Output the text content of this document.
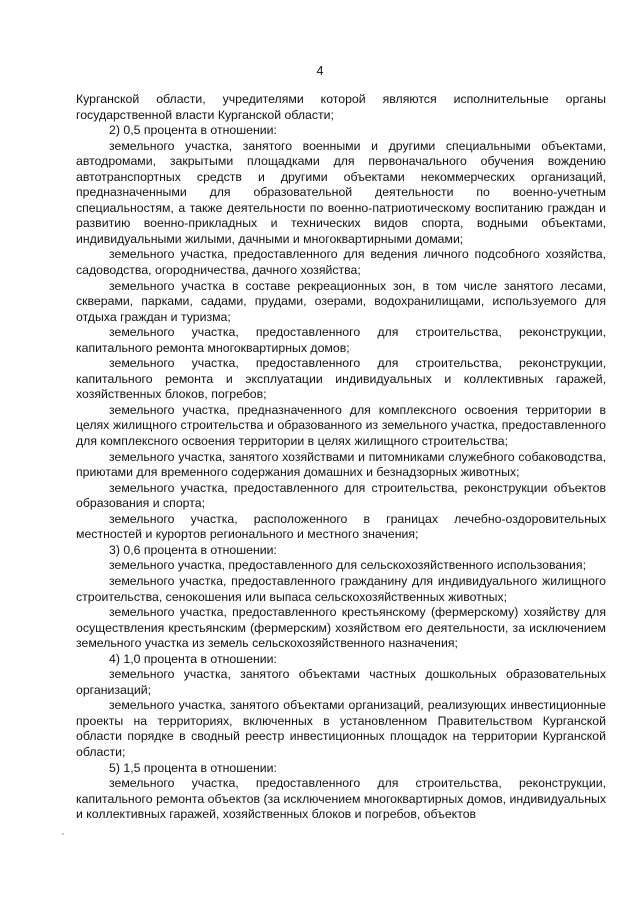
4

Курганской области, учредителями которой являются исполнительные органы государственной власти Курганской области;

2) 0,5 процента в отношении:

земельного участка, занятого военными и другими специальными объектами, автодромами, закрытыми площадками для первоначального обучения вождению автотранспортных средств и другими объектами некоммерческих организаций, предназначенными для образовательной деятельности по военно-учетным специальностям, а также деятельности по военно-патриотическому воспитанию граждан и развитию военно-прикладных и технических видов спорта, водными объектами, индивидуальными жилыми, дачными и многоквартирными домами;

земельного участка, предоставленного для ведения личного подсобного хозяйства, садоводства, огородничества, дачного хозяйства;

земельного участка в составе рекреационных зон, в том числе занятого лесами, скверами, парками, садами, прудами, озерами, водохранилищами, используемого для отдыха граждан и туризма;

земельного участка, предоставленного для строительства, реконструкции, капитального ремонта многоквартирных домов;

земельного участка, предоставленного для строительства, реконструкции, капитального ремонта и эксплуатации индивидуальных и коллективных гаражей, хозяйственных блоков, погребов;

земельного участка, предназначенного для комплексного освоения территории в целях жилищного строительства и образованного из земельного участка, предоставленного для комплексного освоения территории в целях жилищного строительства;

земельного участка, занятого хозяйствами и питомниками служебного собаководства, приютами для временного содержания домашних и безнадзорных животных;

земельного участка, предоставленного для строительства, реконструкции объектов образования и спорта;

земельного участка, расположенного в границах лечебно-оздоровительных местностей и курортов регионального и местного значения;

3) 0,6 процента в отношении:

земельного участка, предоставленного для сельскохозяйственного использования;

земельного участка, предоставленного гражданину для индивидуального жилищного строительства, сенокошения или выпаса сельскохозяйственных животных;

земельного участка, предоставленного крестьянскому (фермерскому) хозяйству для осуществления крестьянским (фермерским) хозяйством его деятельности, за исключением земельного участка из земель сельскохозяйственного назначения;

4) 1,0 процента в отношении:

земельного участка, занятого объектами частных дошкольных образовательных организаций;

земельного участка, занятого объектами организаций, реализующих инвестиционные проекты на территориях, включенных в установленном Правительством Курганской области порядке в сводный реестр инвестиционных площадок на территории Курганской области;

5) 1,5 процента в отношении:

земельного участка, предоставленного для строительства, реконструкции, капитального ремонта объектов (за исключением многоквартирных домов, индивидуальных и коллективных гаражей, хозяйственных блоков и погребов, объектов
